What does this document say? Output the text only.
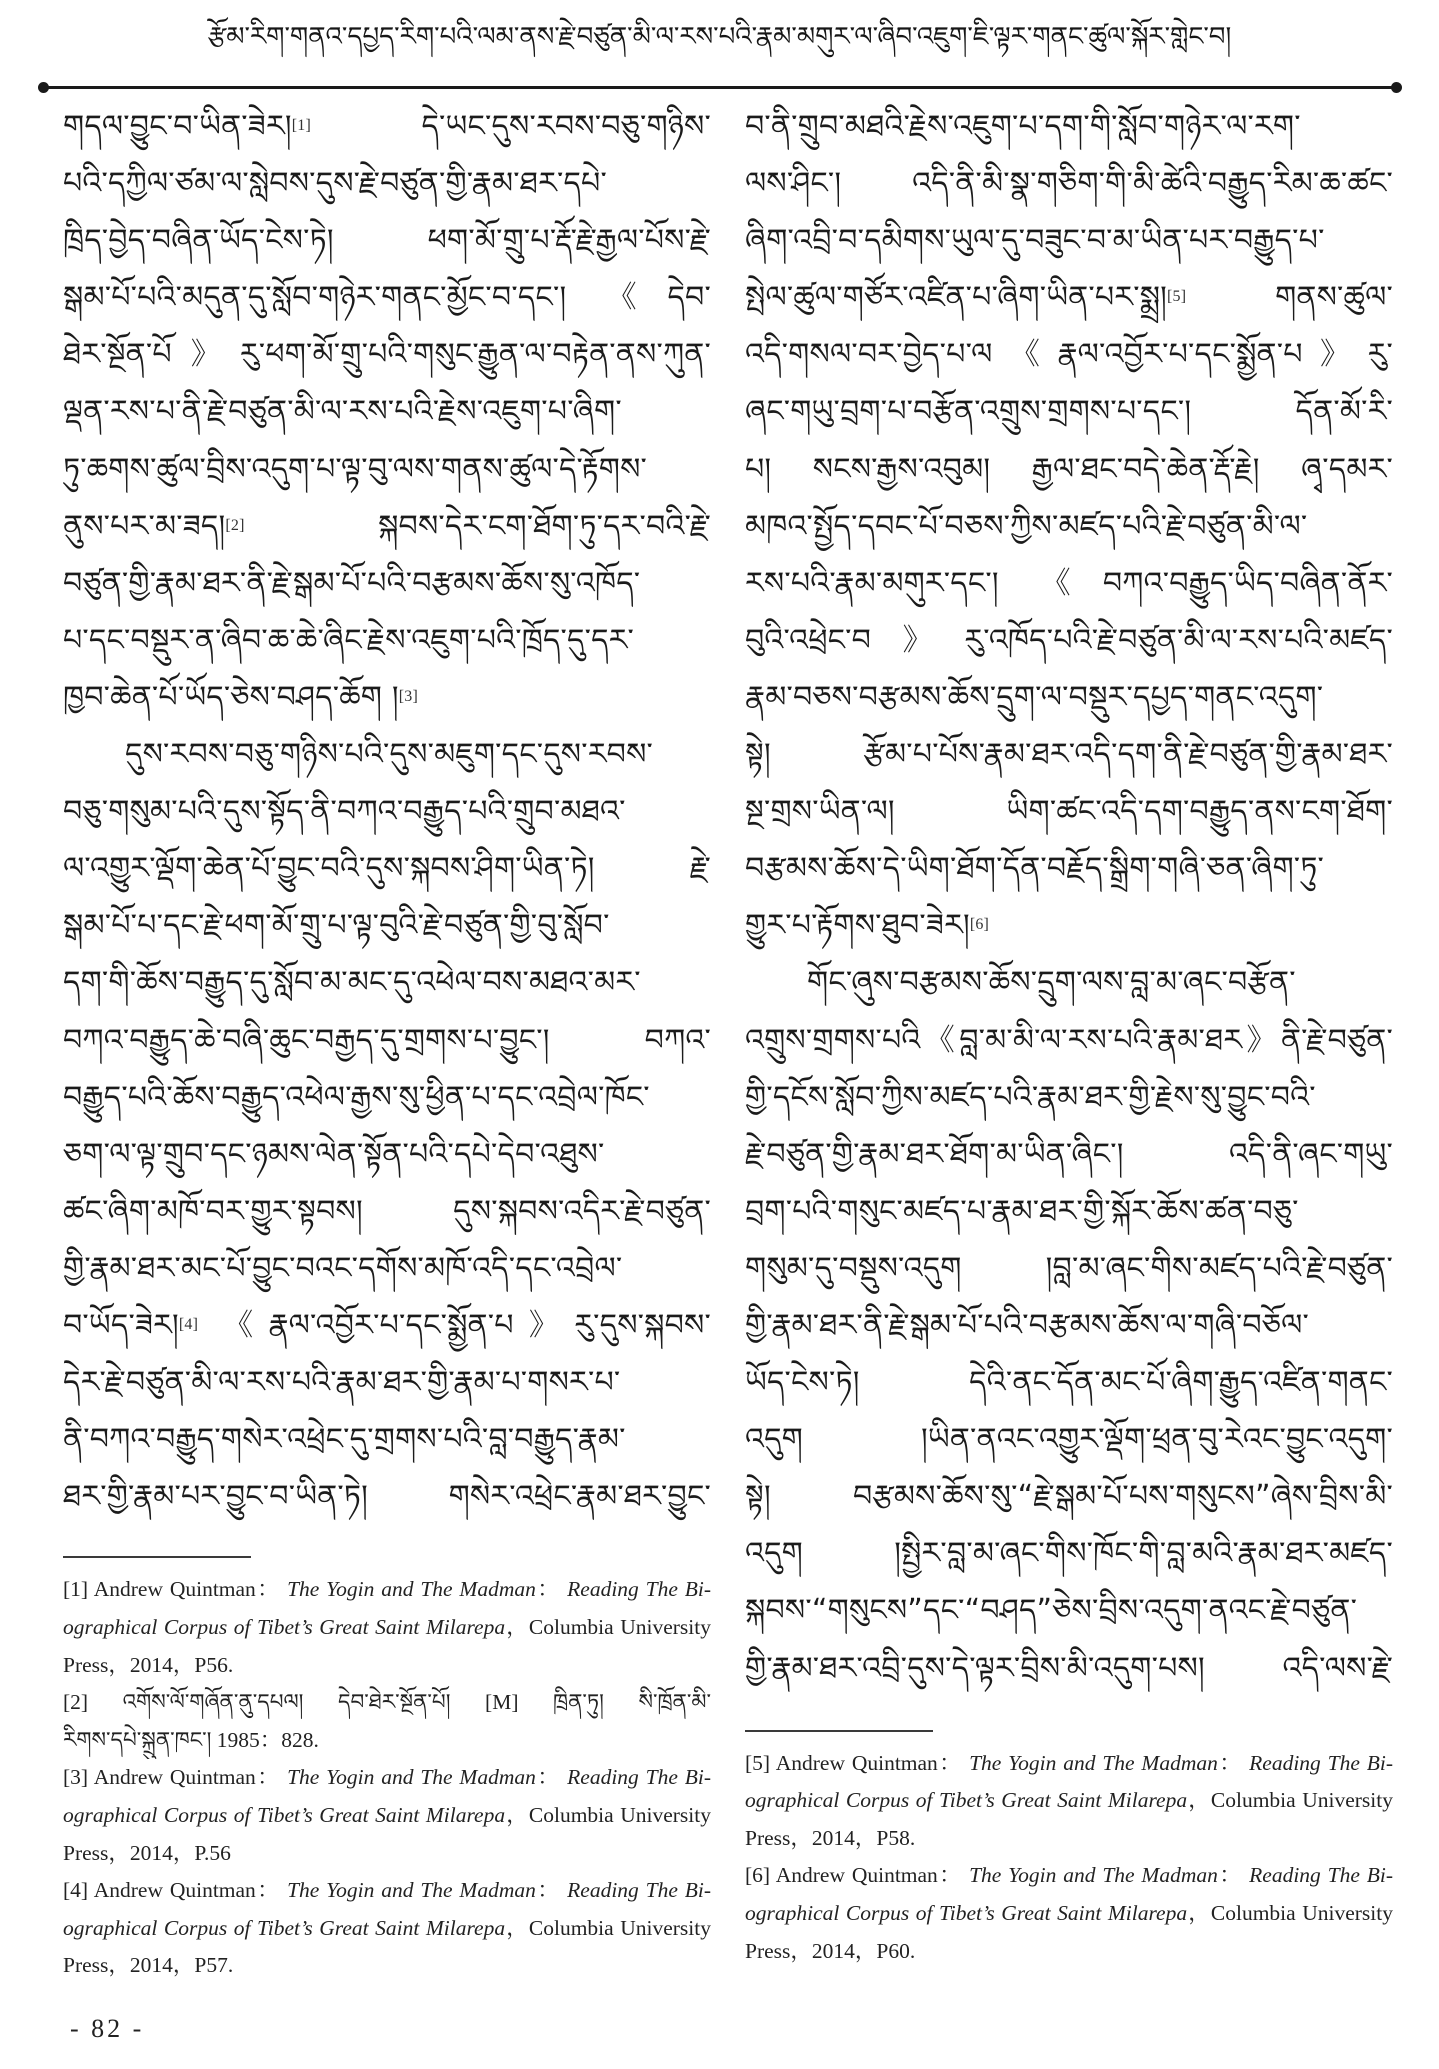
རྩོམ་རིག་གནའ་དཔྱད་རིག་པའི་ལམ་ནས་རྗེ་བཙུན་མི་ལ་རས་པའི་རྣམ་མགུར་ལ་ཞིབ་འཇུག་ཇི་ལྟར་གནང་ཚུལ་སྐོར་གླེང་བ།
གདལ་བྱུང་བ་ཡིན་ཟེར།[1] དེ་ཡང་དུས་རབས་བཅུ་གཉིས་
པའི་དཀྱིལ་ཙམ་ལ་སླེབས་དུས་རྗེ་བཙུན་གྱི་རྣམ་ཐར་དཔེ་
ཁྲིད་བྱེད་བཞིན་ཡོད་ངེས་ཏེ། ཕག་མོ་གྲུ་པ་རྡོ་རྗེ་རྒྱལ་པོས་རྗེ་
སྒམ་པོ་པའི་མདུན་དུ་སློབ་གཉེར་གནང་མྱོང་བ་དང་། 《དེབ་
ཐེར་སྔོན་པོ》རུ་ཕག་མོ་གྲུ་པའི་གསུང་རྒྱུན་ལ་བརྟེན་ནས་ཀུན་
ལྡན་རས་པ་ནི་རྗེ་བཙུན་མི་ལ་རས་པའི་རྗེས་འཇུག་པ་ཞིག་
ཏུ་ཆགས་ཚུལ་བྲིས་འདུག་པ་ལྟ་བུ་ལས་གནས་ཚུལ་དེ་རྟོགས་
ནུས་པར་མ་ཟད།[2] སྐབས་དེར་ངག་ཐོག་ཏུ་དར་བའི་རྗེ་
བཙུན་གྱི་རྣམ་ཐར་ནི་རྗེ་སྒམ་པོ་པའི་བརྩམས་ཆོས་སུ་འཁོད་
པ་དང་བསྡུར་ན་ཞིབ་ཆ་ཆེ་ཞིང་རྗེས་འཇུག་པའི་ཁྲོད་དུ་དར་
ཁྱབ་ཆེན་པོ་ཡོད་ཅེས་བཤད་ཆོག །[3]
དུས་རབས་བཅུ་གཉིས་པའི་དུས་མཇུག་དང་དུས་རབས་
བཅུ་གསུམ་པའི་དུས་སྟོད་ནི་བཀའ་བརྒྱུད་པའི་གྲུབ་མཐའ་
ལ་འགྱུར་ལྡོག་ཆེན་པོ་བྱུང་བའི་དུས་སྐབས་ཤིག་ཡིན་ཏེ། རྗེ་
སྒམ་པོ་པ་དང་རྗེ་ཕག་མོ་གྲུ་པ་ལྟ་བུའི་རྗེ་བཙུན་གྱི་བུ་སློབ་
དག་གི་ཆོས་བརྒྱུད་དུ་སློབ་མ་མང་དུ་འཕེལ་བས་མཐའ་མར་
བཀའ་བརྒྱུད་ཆེ་བཞི་ཆུང་བརྒྱད་དུ་གྲགས་པ་བྱུང་། བཀའ་
བརྒྱུད་པའི་ཆོས་བརྒྱུད་འཕེལ་རྒྱས་སུ་ཕྱིན་པ་དང་འབྲེལ་ཁོང་
ཅག་ལ་ལྟ་གྲུབ་དང་ཉམས་ལེན་སྟོན་པའི་དཔེ་དེབ་འཐུས་
ཚང་ཞིག་མཁོ་བར་གྱུར་སྟབས། དུས་སྐབས་འདིར་རྗེ་བཙུན་
གྱི་རྣམ་ཐར་མང་པོ་བྱུང་བའང་དགོས་མཁོ་འདི་དང་འབྲེལ་
བ་ཡོད་ཟེར།[4] 《རྣལ་འབྱོར་པ་དང་སྨྱོན་པ》རུ་དུས་སྐབས་
དེར་རྗེ་བཙུན་མི་ལ་རས་པའི་རྣམ་ཐར་གྱི་རྣམ་པ་གསར་པ་
ནི་བཀའ་བརྒྱུད་གསེར་འཕྲེང་དུ་གྲགས་པའི་བླ་བརྒྱུད་རྣམ་
ཐར་གྱི་རྣམ་པར་བྱུང་བ་ཡིན་ཏེ། གསེར་འཕྲེང་རྣམ་ཐར་བྱུང་
[1] Andrew Quintman： The Yogin and The Madman： Reading The Bi-
ographical Corpus of Tibet’s Great Saint Milarepa，Columbia University
Press，2014，P56.
[2] འགོས་ལོ་གཞོན་ནུ་དཔལ། དེབ་ཐེར་སྔོན་པོ། [M] ཁྲིན་ཏུ། སི་ཁྲོན་མི་
རིགས་དཔེ་སྐྲུན་ཁང་། 1985：828.
[3] Andrew Quintman： The Yogin and The Madman： Reading The Bi-
ographical Corpus of Tibet’s Great Saint Milarepa，Columbia University
Press，2014，P.56
[4] Andrew Quintman： The Yogin and The Madman： Reading The Bi-
ographical Corpus of Tibet’s Great Saint Milarepa，Columbia University
Press，2014，P57.
བ་ནི་གྲུབ་མཐའི་རྗེས་འཇུག་པ་དག་གི་སློབ་གཉེར་ལ་རག་
ལས་ཤིང་། འདི་ནི་མི་སྣ་གཅིག་གི་མི་ཚེའི་བརྒྱུད་རིམ་ཆ་ཚང་
ཞིག་འབྲི་བ་དམིགས་ཡུལ་དུ་བཟུང་བ་མ་ཡིན་པར་བརྒྱུད་པ་
སྤེལ་ཚུལ་གཙོར་འཛིན་པ་ཞིག་ཡིན་པར་སྨྲ།[5] གནས་ཚུལ་
འདི་གསལ་བར་བྱེད་པ་ལ《རྣལ་འབྱོར་པ་དང་སྨྱོན་པ》རུ་
ཞང་གཡུ་བྲག་པ་བརྩོན་འགྲུས་གྲགས་པ་དང་། དོན་མོ་རི་
པ། སངས་རྒྱས་འབུམ། རྒྱལ་ཐང་བདེ་ཆེན་རྡོ་རྗེ། ཞྭ་དམར་
མཁའ་སྤྱོད་དབང་པོ་བཅས་ཀྱིས་མཛད་པའི་རྗེ་བཙུན་མི་ལ་
རས་པའི་རྣམ་མགུར་དང་། 《བཀའ་བརྒྱུད་ཡིད་བཞིན་ནོར་
བུའི་འཕྲེང་བ》རུ་འཁོད་པའི་རྗེ་བཙུན་མི་ལ་རས་པའི་མཛད་
རྣམ་བཅས་བརྩམས་ཆོས་དྲུག་ལ་བསྡུར་དཔྱད་གནང་འདུག་
སྟེ། རྩོམ་པ་པོས་རྣམ་ཐར་འདི་དག་ནི་རྗེ་བཙུན་གྱི་རྣམ་ཐར་
སྔ་གྲས་ཡིན་ལ། ཡིག་ཚང་འདི་དག་བརྒྱུད་ནས་ངག་ཐོག་
བརྩམས་ཆོས་དེ་ཡིག་ཐོག་དོན་བརྗོད་སྒྲིག་གཞི་ཅན་ཞིག་ཏུ་
གྱུར་པ་རྟོགས་ཐུབ་ཟེར།[6]
གོང་ཞུས་བརྩམས་ཆོས་དྲུག་ལས་བླ་མ་ཞང་བརྩོན་
འགྲུས་གྲགས་པའི《བླ་མ་མི་ལ་རས་པའི་རྣམ་ཐར》ནི་རྗེ་བཙུན་
གྱི་དངོས་སློབ་ཀྱིས་མཛད་པའི་རྣམ་ཐར་གྱི་རྗེས་སུ་བྱུང་བའི་
རྗེ་བཙུན་གྱི་རྣམ་ཐར་ཐོག་མ་ཡིན་ཞིང་། འདི་ནི་ཞང་གཡུ་
བྲག་པའི་གསུང་མཛད་པ་རྣམ་ཐར་གྱི་སྐོར་ཆོས་ཚན་བཅུ་
གསུམ་དུ་བསྡུས་འདུག །བླ་མ་ཞང་གིས་མཛད་པའི་རྗེ་བཙུན་
གྱི་རྣམ་ཐར་ནི་རྗེ་སྒམ་པོ་པའི་བརྩམས་ཆོས་ལ་གཞི་བཅོལ་
ཡོད་ངེས་ཏེ། དེའི་ནང་དོན་མང་པོ་ཞིག་རྒྱུད་འཛིན་གནང་
འདུག །ཡིན་ནའང་འགྱུར་ལྡོག་ཕྲན་བུ་རེའང་བྱུང་འདུག་
སྟེ། བརྩམས་ཆོས་སུ་“རྗེ་སྒམ་པོ་པས་གསུངས”ཞེས་བྲིས་མི་
འདུག །སྤྱིར་བླ་མ་ཞང་གིས་ཁོང་གི་བླ་མའི་རྣམ་ཐར་མཛད་
སྐབས་“གསུངས”དང་“བཤད”ཅེས་བྲིས་འདུག་ནའང་རྗེ་བཙུན་
གྱི་རྣམ་ཐར་འབྲི་དུས་དེ་ལྟར་བྲིས་མི་འདུག་པས། འདི་ལས་རྗེ་
[5] Andrew Quintman： The Yogin and The Madman： Reading The Bi-
ographical Corpus of Tibet’s Great Saint Milarepa，Columbia University
Press，2014，P58.
[6] Andrew Quintman： The Yogin and The Madman： Reading The Bi-
ographical Corpus of Tibet’s Great Saint Milarepa，Columbia University
Press，2014，P60.
- 82 -
